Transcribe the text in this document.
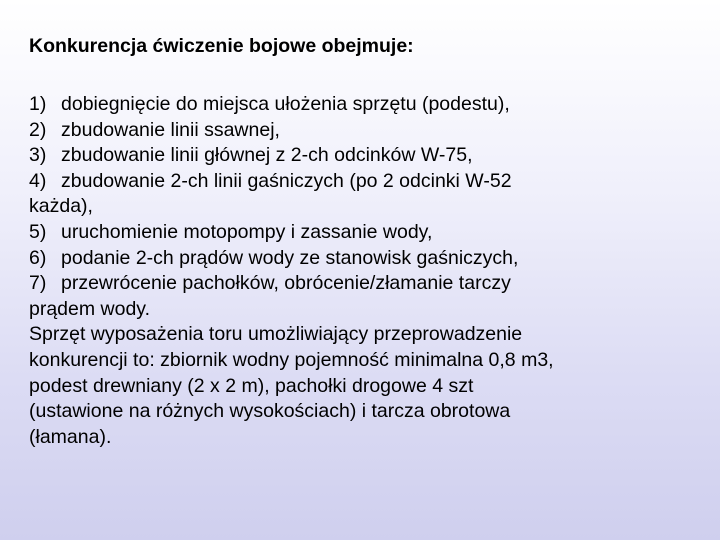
Konkurencja ćwiczenie bojowe obejmuje:
1) dobiegnięcie do miejsca ułożenia sprzętu (podestu),
2) zbudowanie linii ssawnej,
3) zbudowanie linii głównej z 2-ch odcinków W-75,
4) zbudowanie 2-ch linii gaśniczych (po 2 odcinki W-52
każda),
5) uruchomienie motopompy i zassanie wody,
6) podanie 2-ch prądów wody ze stanowisk gaśniczych,
7) przewrócenie pachołków, obrócenie/złamanie tarczy
prądem wody.
Sprzęt wyposażenia toru umożliwiający przeprowadzenie
konkurencji to: zbiornik wodny pojemność minimalna 0,8 m3,
podest drewniany (2 x 2 m), pachołki drogowe 4 szt
(ustawione na różnych wysokościach) i tarcza obrotowa
(łamana).
